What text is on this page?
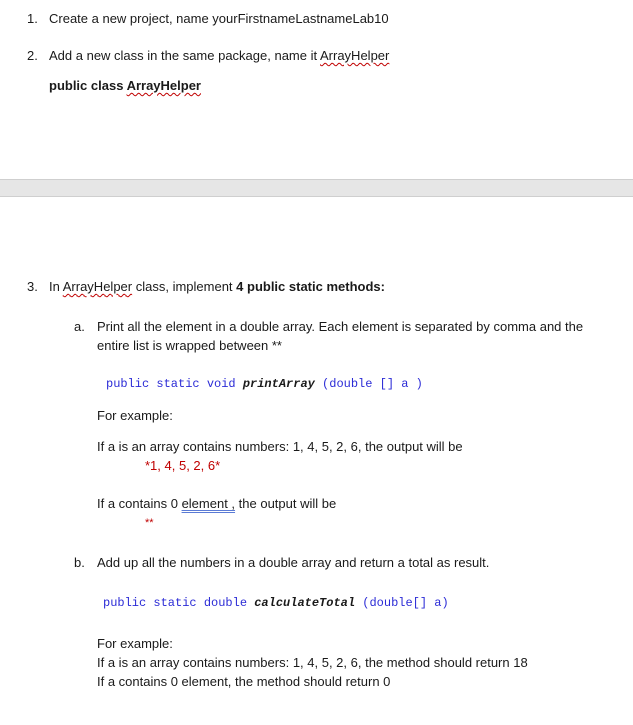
1. Create a new project, name yourFirstnameLastnameLab10
2. Add a new class in the same package, name it ArrayHelper
public class ArrayHelper
3. In ArrayHelper class, implement 4 public static methods:
a. Print all the element in a double array. Each element is separated by comma and the
entire list is wrapped between **
public static void printArray (double [] a )
For example:
If a is an array contains numbers: 1, 4, 5, 2, 6, the output will be
*1, 4, 5, 2, 6*
If a contains 0 element , the output will be
**
b. Add up all the numbers in a double array and return a total as result.
public static double calculateTotal (double[] a)
For example:
If a is an array contains numbers: 1, 4, 5, 2, 6, the method should return 18
If a contains 0 element, the method should return 0
